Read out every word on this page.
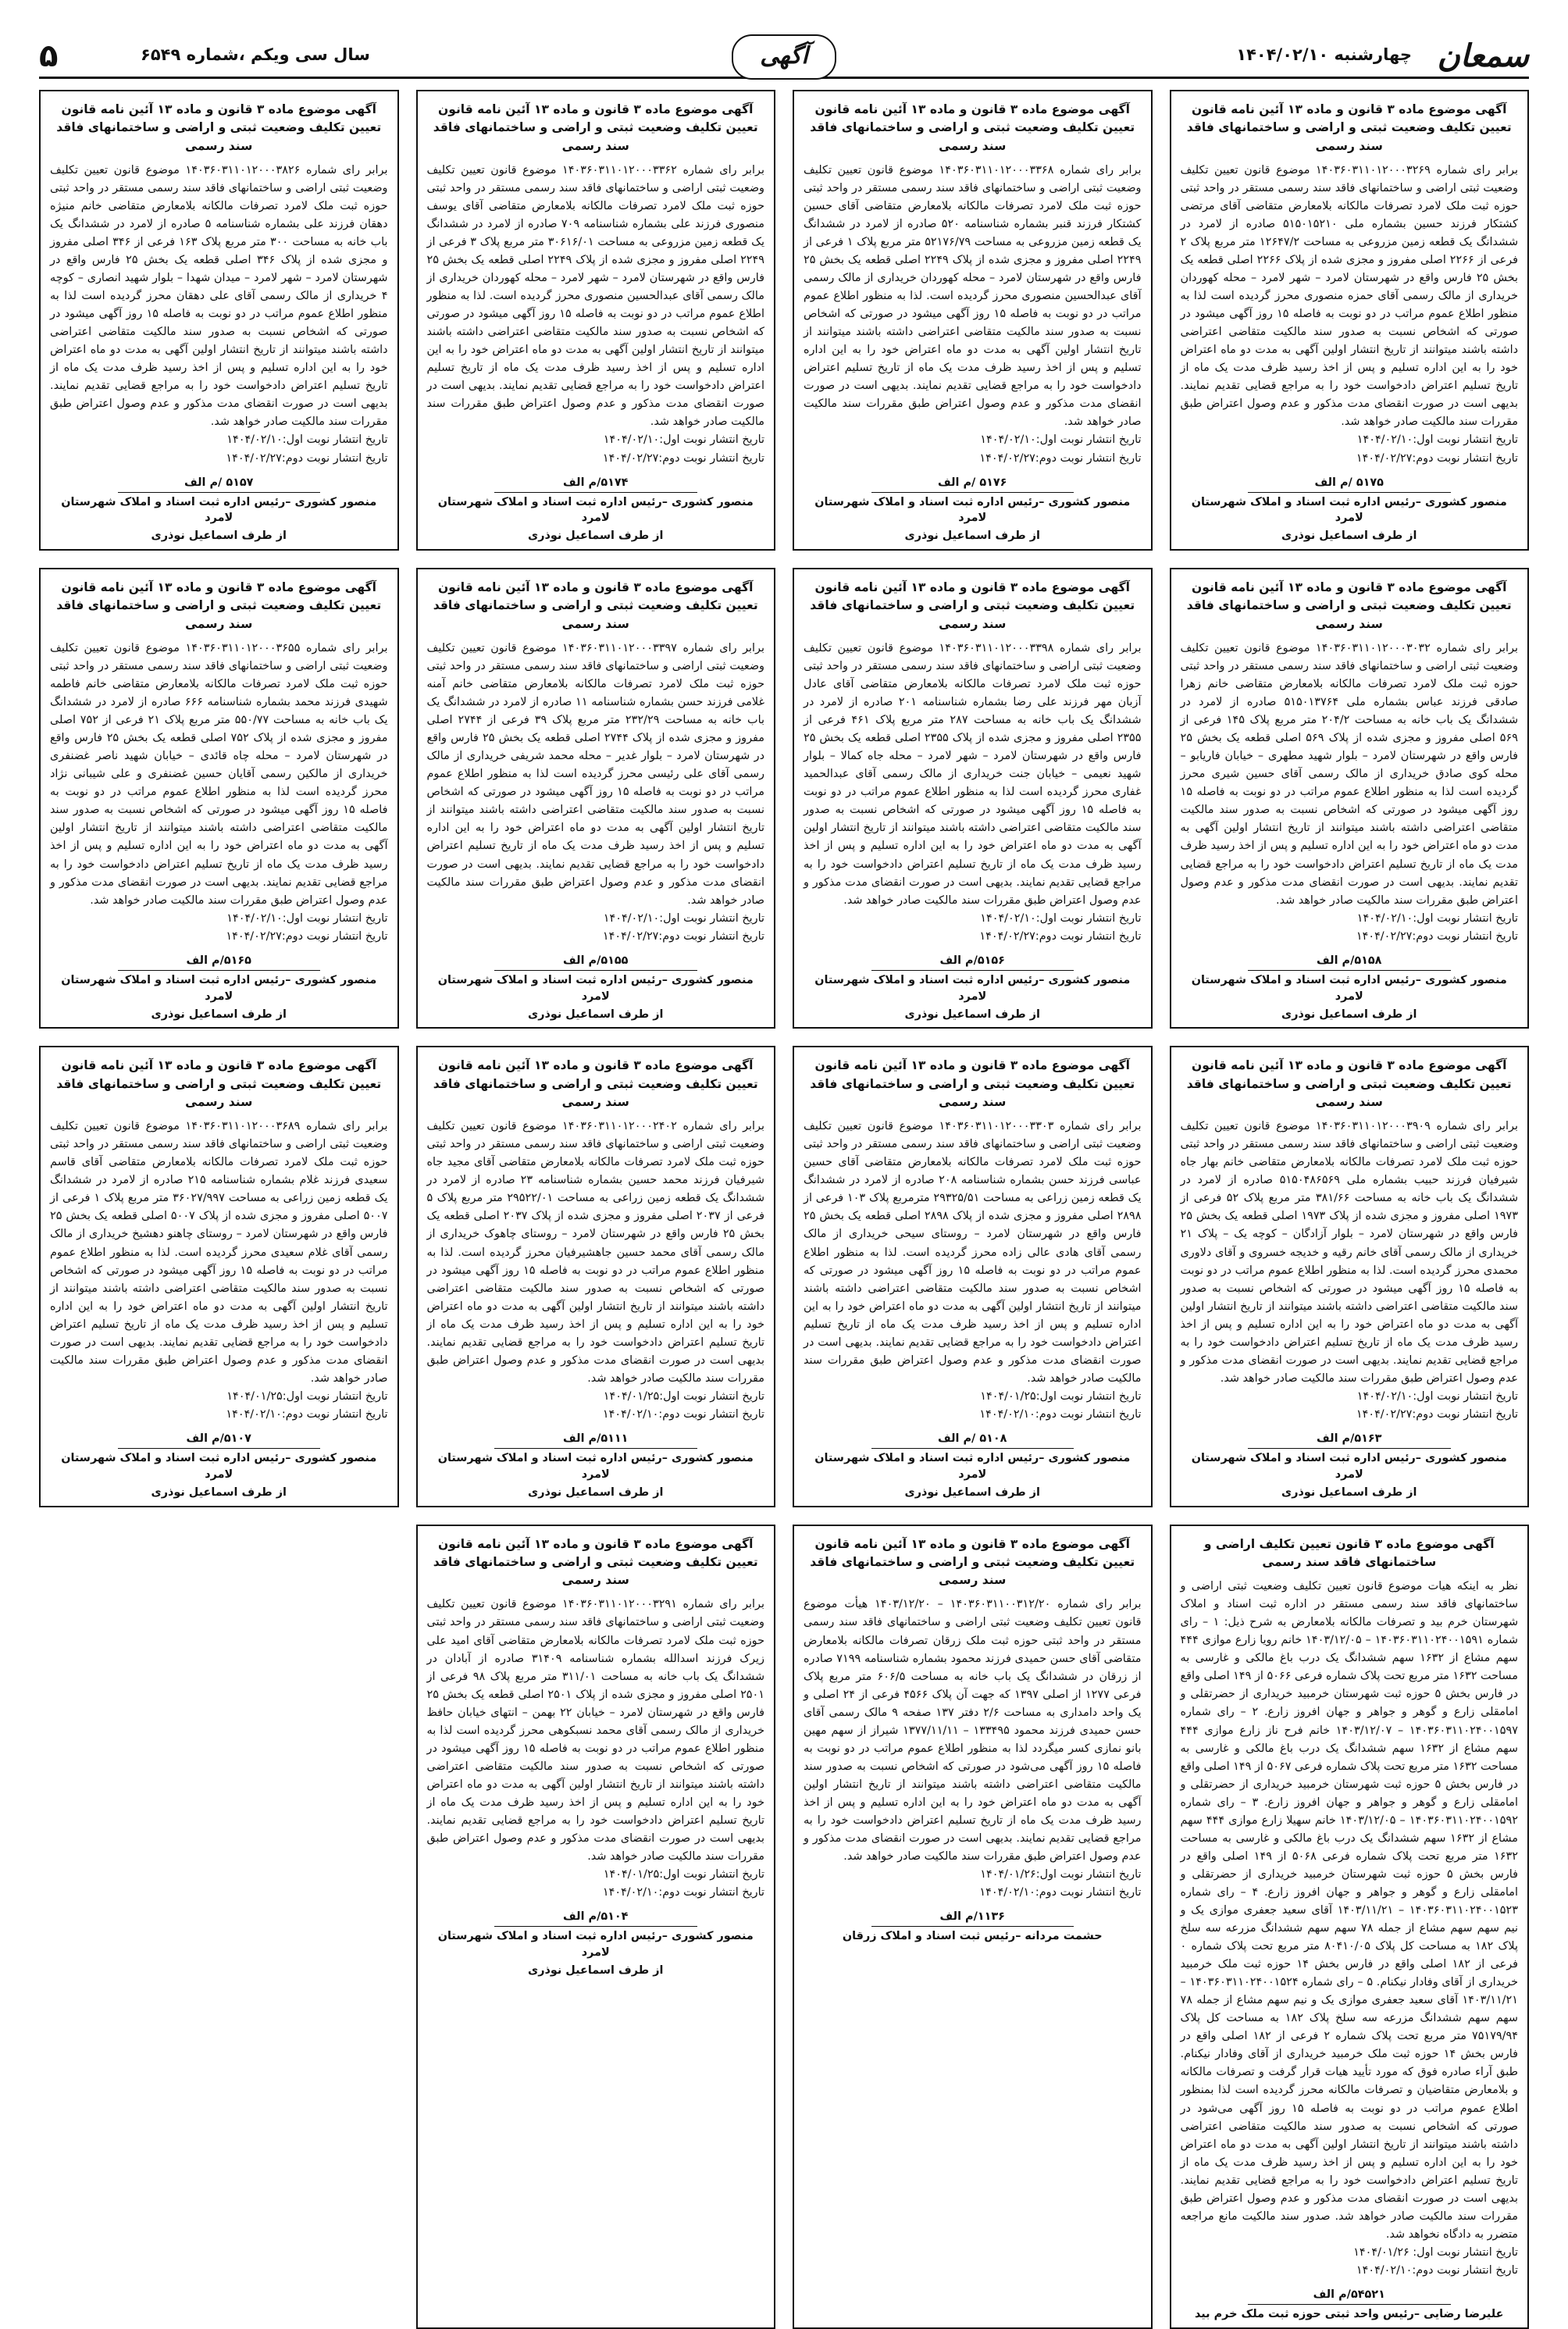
سمعان
چهارشنبه ۱۴۰۴/۰۲/۱۰
آگهی
سال سی ویکم ،شماره ۶۵۴۹
۵
آگهی موضوع ماده ۳ قانون و ماده ۱۳ آئین نامه قانون تعیین تکلیف وضعیت ثبتی و اراضی و ساختمانهای فاقد سند رسمی
برابر رای شماره ۱۴۰۳۶۰۳۱۱۰۱۲۰۰۰۳۲۶۹ موضوع قانون تعیین تکلیف وضعیت ثبتی اراضی و ساختمانهای فاقد سند رسمی مستقر در واحد ثبتی حوزه ثبت ملک لامرد تصرفات مالکانه بلامعارض متقاضی آقای مرتضی کشتکار فرزند حسین بشماره ملی ۵۱۵۰۱۵۲۱۰ صادره از لامرد در ششدانگ یک قطعه زمین مزروعی به مساحت ۱۲۶۴۷/۲ متر مربع پلاک ۲ فرعی از ۲۲۶۶ اصلی مفروز و مجزی شده از پلاک ۲۲۶۶ اصلی قطعه یک بخش ۲۵ فارس واقع در شهرستان لامرد – شهر لامرد – محله کهوردان خریداری از مالک رسمی آقای حمزه منصوری محرز گردیده است لذا به منظور اطلاع عموم مراتب در دو نوبت به فاصله ۱۵ روز آگهی میشود در صورتی که اشخاص نسبت به صدور سند مالکیت متقاضی اعتراضی داشته باشند میتوانند از تاریخ انتشار اولین آگهی به مدت دو ماه اعتراض خود را به این اداره تسلیم و پس از اخذ رسید ظرف مدت یک ماه از تاریخ تسلیم اعتراض دادخواست خود را به مراجع قضایی تقدیم نمایند. بدیهی است در صورت انقضای مدت مذکور و عدم وصول اعتراض طبق مقررات سند مالکیت صادر خواهد شد.
تاریخ انتشار نوبت اول:۱۴۰۴/۰۲/۱۰
تاریخ انتشار نوبت دوم:۱۴۰۴/۰۲/۲۷
۵۱۷۵ /م الف
منصور کشوری –رئیس اداره ثبت اسناد و املاک شهرستان لامرد
از طرف اسماعیل نوذری
آگهی موضوع ماده ۳ قانون و ماده ۱۳ آئین نامه قانون تعیین تکلیف وضعیت ثبتی و اراضی و ساختمانهای فاقد سند رسمی
برابر رای شماره ۱۴۰۳۶۰۳۱۱۰۱۲۰۰۰۳۳۶۸ موضوع قانون تعیین تکلیف وضعیت ثبتی اراضی و ساختمانهای فاقد سند رسمی مستقر در واحد ثبتی حوزه ثبت ملک لامرد تصرفات مالکانه بلامعارض متقاضی آقای حسین کشتکار فرزند قنبر بشماره شناسنامه ۵۲۰ صادره از لامرد در ششدانگ یک قطعه زمین مزروعی به مساحت ۵۲۱۷۶/۷۹ متر مربع پلاک ۱ فرعی از ۲۲۴۹ اصلی مفروز و مجزی شده از پلاک ۲۲۴۹ اصلی قطعه یک بخش ۲۵ فارس واقع در شهرستان لامرد – محله کهوردان خریداری از مالک رسمی آقای عبدالحسین منصوری محرز گردیده است. لذا به منظور اطلاع عموم مراتب در دو نوبت به فاصله ۱۵ روز آگهی میشود در صورتی که اشخاص نسبت به صدور سند مالکیت متقاضی اعتراضی داشته باشند میتوانند از تاریخ انتشار اولین آگهی به مدت دو ماه اعتراض خود را به این اداره تسلیم و پس از اخذ رسید ظرف مدت یک ماه از تاریخ تسلیم اعتراض دادخواست خود را به مراجع قضایی تقدیم نمایند. بدیهی است در صورت انقضای مدت مذکور و عدم وصول اعتراض طبق مقررات سند مالکیت صادر خواهد شد.
تاریخ انتشار نوبت اول:۱۴۰۴/۰۲/۱۰
تاریخ انتشار نوبت دوم:۱۴۰۴/۰۲/۲۷
۵۱۷۶ /م الف
منصور کشوری –رئیس اداره ثبت اسناد و املاک شهرستان لامرد
از طرف اسماعیل نوذری
آگهی موضوع ماده ۳ قانون و ماده ۱۳ آئین نامه قانون تعیین تکلیف وضعیت ثبتی و اراضی و ساختمانهای فاقد سند رسمی
برابر رای شماره ۱۴۰۳۶۰۳۱۱۰۱۲۰۰۰۳۳۶۲ موضوع قانون تعیین تکلیف وضعیت ثبتی اراضی و ساختمانهای فاقد سند رسمی مستقر در واحد ثبتی حوزه ثبت ملک لامرد تصرفات مالکانه بلامعارض متقاضی آقای یوسف منصوری فرزند علی بشماره شناسنامه ۷۰۹ صادره از لامرد در ششدانگ یک قطعه زمین مزروعی به مساحت ۳۰۶۱۶/۰۱ متر مربع پلاک ۳ فرعی از ۲۲۴۹ اصلی مفروز و مجزی شده از پلاک ۲۲۴۹ اصلی قطعه یک بخش ۲۵ فارس واقع در شهرستان لامرد – شهر لامرد – محله کهوردان خریداری از مالک رسمی آقای عبدالحسین منصوری محرز گردیده است. لذا به منظور اطلاع عموم مراتب در دو نوبت به فاصله ۱۵ روز آگهی میشود در صورتی که اشخاص نسبت به صدور سند مالکیت متقاضی اعتراضی داشته باشند میتوانند از تاریخ انتشار اولین آگهی به مدت دو ماه اعتراض خود را به این اداره تسلیم و پس از اخذ رسید ظرف مدت یک ماه از تاریخ تسلیم اعتراض دادخواست خود را به مراجع قضایی تقدیم نمایند. بدیهی است در صورت انقضای مدت مذکور و عدم وصول اعتراض طبق مقررات سند مالکیت صادر خواهد شد.
تاریخ انتشار نوبت اول:۱۴۰۴/۰۲/۱۰
تاریخ انتشار نوبت دوم:۱۴۰۴/۰۲/۲۷
۵۱۷۴/م الف
منصور کشوری –رئیس اداره ثبت اسناد و املاک شهرستان لامرد
از طرف اسماعیل نوذری
آگهی موضوع ماده ۳ قانون و ماده ۱۳ آئین نامه قانون تعیین تکلیف وضعیت ثبتی و اراضی و ساختمانهای فاقد سند رسمی
برابر رای شماره ۱۴۰۳۶۰۳۱۱۰۱۲۰۰۰۳۸۲۶ موضوع قانون تعیین تکلیف وضعیت ثبتی اراضی و ساختمانهای فاقد سند رسمی مستقر در واحد ثبتی حوزه ثبت ملک لامرد تصرفات مالکانه بلامعارض متقاضی خانم منیژه دهقان فرزند علی بشماره شناسنامه ۵ صادره از لامرد در ششدانگ یک باب خانه به مساحت ۳۰۰ متر مربع پلاک ۱۶۳ فرعی از ۳۴۶ اصلی مفروز و مجزی شده از پلاک ۳۴۶ اصلی قطعه یک بخش ۲۵ فارس واقع در شهرستان لامرد – شهر لامرد – میدان شهدا – بلوار شهید انصاری – کوچه ۴ خریداری از مالک رسمی آقای علی دهقان محرز گردیده است لذا به منظور اطلاع عموم مراتب در دو نوبت به فاصله ۱۵ روز آگهی میشود در صورتی که اشخاص نسبت به صدور سند مالکیت متقاضی اعتراضی داشته باشند میتوانند از تاریخ انتشار اولین آگهی به مدت دو ماه اعتراض خود را به این اداره تسلیم و پس از اخذ رسید ظرف مدت یک ماه از تاریخ تسلیم اعتراض دادخواست خود را به مراجع قضایی تقدیم نمایند. بدیهی است در صورت انقضای مدت مذکور و عدم وصول اعتراض طبق مقررات سند مالکیت صادر خواهد شد.
تاریخ انتشار نوبت اول:۱۴۰۴/۰۲/۱۰
تاریخ انتشار نوبت دوم:۱۴۰۴/۰۲/۲۷
۵۱۵۷ /م الف
منصور کشوری –رئیس اداره ثبت اسناد و املاک شهرستان لامرد
از طرف اسماعیل نوذری
آگهی موضوع ماده ۳ قانون و ماده ۱۳ آئین نامه قانون تعیین تکلیف وضعیت ثبتی و اراضی و ساختمانهای فاقد سند رسمی
برابر رای شماره ۱۴۰۳۶۰۳۱۱۰۱۲۰۰۰۳۰۳۲ موضوع قانون تعیین تکلیف وضعیت ثبتی اراضی و ساختمانهای فاقد سند رسمی مستقر در واحد ثبتی حوزه ثبت ملک لامرد تصرفات مالکانه بلامعارض متقاضی خانم زهرا صادقی فرزند عباس بشماره ملی ۵۱۵۰۱۳۷۶۴ صادره از لامرد در ششدانگ یک باب خانه به مساحت ۲۰۴/۲ متر مربع پلاک ۱۴۵ فرعی از ۵۶۹ اصلی مفروز و مجزی شده از پلاک ۵۶۹ اصلی قطعه یک بخش ۲۵ فارس واقع در شهرستان لامرد – بلوار شهید مطهری – خیابان فاریابو – محله کوی صادق خریداری از مالک رسمی آقای حسین شیری محرز گردیده است لذا به منظور اطلاع عموم مراتب در دو نوبت به فاصله ۱۵ روز آگهی میشود در صورتی که اشخاص نسبت به صدور سند مالکیت متقاضی اعتراضی داشته باشند میتوانند از تاریخ انتشار اولین آگهی به مدت دو ماه اعتراض خود را به این اداره تسلیم و پس از اخذ رسید ظرف مدت یک ماه از تاریخ تسلیم اعتراض دادخواست خود را به مراجع قضایی تقدیم نمایند. بدیهی است در صورت انقضای مدت مذکور و عدم وصول اعتراض طبق مقررات سند مالکیت صادر خواهد شد.
تاریخ انتشار نوبت اول:۱۴۰۴/۰۲/۱۰
تاریخ انتشار نوبت دوم:۱۴۰۴/۰۲/۲۷
۵۱۵۸/م الف
منصور کشوری –رئیس اداره ثبت اسناد و املاک شهرستان لامرد
از طرف اسماعیل نوذری
آگهی موضوع ماده ۳ قانون و ماده ۱۳ آئین نامه قانون تعیین تکلیف وضعیت ثبتی و اراضی و ساختمانهای فاقد سند رسمی
برابر رای شماره ۱۴۰۳۶۰۳۱۱۰۱۲۰۰۰۳۳۹۸ موضوع قانون تعیین تکلیف وضعیت ثبتی اراضی و ساختمانهای فاقد سند رسمی مستقر در واحد ثبتی حوزه ثبت ملک لامرد تصرفات مالکانه بلامعارض متقاضی آقای عادل آزبان مهر فرزند علی رضا بشماره شناسنامه ۲۰۱ صادره از لامرد در ششدانگ یک باب خانه به مساحت ۲۸۷ متر مربع پلاک ۴۶۱ فرعی از ۲۳۵۵ اصلی مفروز و مجزی شده از پلاک ۲۳۵۵ اصلی قطعه یک بخش ۲۵ فارس واقع در شهرستان لامرد – شهر لامرد – محله جاه کمالا – بلوار شهید نعیمی – خیابان جنت خریداری از مالک رسمی آقای عبدالحمید غفاری محرز گردیده است لذا به منظور اطلاع عموم مراتب در دو نوبت به فاصله ۱۵ روز آگهی میشود در صورتی که اشخاص نسبت به صدور سند مالکیت متقاضی اعتراضی داشته باشند میتوانند از تاریخ انتشار اولین آگهی به مدت دو ماه اعتراض خود را به این اداره تسلیم و پس از اخذ رسید ظرف مدت یک ماه از تاریخ تسلیم اعتراض دادخواست خود را به مراجع قضایی تقدیم نمایند. بدیهی است در صورت انقضای مدت مذکور و عدم وصول اعتراض طبق مقررات سند مالکیت صادر خواهد شد.
تاریخ انتشار نوبت اول:۱۴۰۴/۰۲/۱۰
تاریخ انتشار نوبت دوم:۱۴۰۴/۰۲/۲۷
۵۱۵۶/م الف
منصور کشوری –رئیس اداره ثبت اسناد و املاک شهرستان لامرد
از طرف اسماعیل نوذری
آگهی موضوع ماده ۳ قانون و ماده ۱۳ آئین نامه قانون تعیین تکلیف وضعیت ثبتی و اراضی و ساختمانهای فاقد سند رسمی
برابر رای شماره ۱۴۰۳۶۰۳۱۱۰۱۲۰۰۰۳۳۹۷ موضوع قانون تعیین تکلیف وضعیت ثبتی اراضی و ساختمانهای فاقد سند رسمی مستقر در واحد ثبتی حوزه ثبت ملک لامرد تصرفات مالکانه بلامعارض متقاضی خانم آمنه غلامی فرزند حسن بشماره شناسنامه ۱۱ صادره از لامرد در ششدانگ یک باب خانه به مساحت ۲۳۲/۲۹ متر مربع پلاک ۳۹ فرعی از ۲۷۴۴ اصلی مفروز و مجزی شده از پلاک ۲۷۴۴ اصلی قطعه یک بخش ۲۵ فارس واقع در شهرستان لامرد – بلوار غدیر – محله محمد شریفی خریداری از مالک رسمی آقای علی رئیسی محرز گردیده است لذا به منظور اطلاع عموم مراتب در دو نوبت به فاصله ۱۵ روز آگهی میشود در صورتی که اشخاص نسبت به صدور سند مالکیت متقاضی اعتراضی داشته باشند میتوانند از تاریخ انتشار اولین آگهی به مدت دو ماه اعتراض خود را به این اداره تسلیم و پس از اخذ رسید ظرف مدت یک ماه از تاریخ تسلیم اعتراض دادخواست خود را به مراجع قضایی تقدیم نمایند. بدیهی است در صورت انقضای مدت مذکور و عدم وصول اعتراض طبق مقررات سند مالکیت صادر خواهد شد.
تاریخ انتشار نوبت اول:۱۴۰۴/۰۲/۱۰
تاریخ انتشار نوبت دوم:۱۴۰۴/۰۲/۲۷
۵۱۵۵/م الف
منصور کشوری –رئیس اداره ثبت اسناد و املاک شهرستان لامرد
از طرف اسماعیل نوذری
آگهی موضوع ماده ۳ قانون و ماده ۱۳ آئین نامه قانون تعیین تکلیف وضعیت ثبتی و اراضی و ساختمانهای فاقد سند رسمی
برابر رای شماره ۱۴۰۳۶۰۳۱۱۰۱۲۰۰۰۳۶۵۵ موضوع قانون تعیین تکلیف وضعیت ثبتی اراضی و ساختمانهای فاقد سند رسمی مستقر در واحد ثبتی حوزه ثبت ملک لامرد تصرفات مالکانه بلامعارض متقاضی خانم فاطمه شهیدی فرزند محمد بشماره شناسنامه ۶۶۶ صادره از لامرد در ششدانگ یک باب خانه به مساحت ۵۵۰/۷۷ متر مربع پلاک ۲۱ فرعی از ۷۵۲ اصلی مفروز و مجزی شده از پلاک ۷۵۲ اصلی قطعه یک بخش ۲۵ فارس واقع در شهرستان لامرد – محله چاه قائدی – خیابان شهید ناصر غضنفری خریداری از مالکین رسمی آقایان حسین غضنفری و علی شیبانی نژاد محرز گردیده است لذا به منظور اطلاع عموم مراتب در دو نوبت به فاصله ۱۵ روز آگهی میشود در صورتی که اشخاص نسبت به صدور سند مالکیت متقاضی اعتراضی داشته باشند میتوانند از تاریخ انتشار اولین آگهی به مدت دو ماه اعتراض خود را به این اداره تسلیم و پس از اخذ رسید ظرف مدت یک ماه از تاریخ تسلیم اعتراض دادخواست خود را به مراجع قضایی تقدیم نمایند. بدیهی است در صورت انقضای مدت مذکور و عدم وصول اعتراض طبق مقررات سند مالکیت صادر خواهد شد.
تاریخ انتشار نوبت اول:۱۴۰۴/۰۲/۱۰
تاریخ انتشار نوبت دوم:۱۴۰۴/۰۲/۲۷
۵۱۶۵/م الف
منصور کشوری –رئیس اداره ثبت اسناد و املاک شهرستان لامرد
از طرف اسماعیل نوذری
آگهی موضوع ماده ۳ قانون و ماده ۱۳ آئین نامه قانون تعیین تکلیف وضعیت ثبتی و اراضی و ساختمانهای فاقد سند رسمی
برابر رای شماره ۱۴۰۳۶۰۳۱۱۰۱۲۰۰۰۳۹۰۹ موضوع قانون تعیین تکلیف وضعیت ثبتی اراضی و ساختمانهای فاقد سند رسمی مستقر در واحد ثبتی حوزه ثبت ملک لامرد تصرفات مالکانه بلامعارض متقاضی خانم بهار جاه شیرفیان فرزند حبیب بشماره ملی ۵۱۵۰۴۸۶۵۶۹ صادره از لامرد در ششدانگ یک باب خانه به مساحت ۳۸۱/۶۶ متر مربع پلاک ۵۲ فرعی از ۱۹۷۳ اصلی مفروز و مجزی شده از پلاک ۱۹۷۳ اصلی قطعه یک بخش ۲۵ فارس واقع در شهرستان لامرد – بلوار آزادگان – کوچه یک – پلاک ۲۱ خریداری از مالک رسمی آقای خانم رقیه و خدیجه خسروی و آقای دلاوری محمدی محرز گردیده است. لذا به منظور اطلاع عموم مراتب در دو نوبت به فاصله ۱۵ روز آگهی میشود در صورتی که اشخاص نسبت به صدور سند مالکیت متقاضی اعتراضی داشته باشند میتوانند از تاریخ انتشار اولین آگهی به مدت دو ماه اعتراض خود را به این اداره تسلیم و پس از اخذ رسید ظرف مدت یک ماه از تاریخ تسلیم اعتراض دادخواست خود را به مراجع قضایی تقدیم نمایند. بدیهی است در صورت انقضای مدت مذکور و عدم وصول اعتراض طبق مقررات سند مالکیت صادر خواهد شد.
تاریخ انتشار نوبت اول:۱۴۰۴/۰۲/۱۰
تاریخ انتشار نوبت دوم:۱۴۰۴/۰۲/۲۷
۵۱۶۳/م الف
منصور کشوری –رئیس اداره ثبت اسناد و املاک شهرستان لامرد
از طرف اسماعیل نوذری
آگهی موضوع ماده ۳ قانون و ماده ۱۳ آئین نامه قانون تعیین تکلیف وضعیت ثبتی و اراضی و ساختمانهای فاقد سند رسمی
برابر رای شماره ۱۴۰۳۶۰۳۱۱۰۱۲۰۰۰۳۳۰۳ موضوع قانون تعیین تکلیف وضعیت ثبتی اراضی و ساختمانهای فاقد سند رسمی مستقر در واحد ثبتی حوزه ثبت ملک لامرد تصرفات مالکانه بلامعارض متقاضی آقای حسین عباسی فرزند حسن بشماره شناسنامه ۲۰۸ صادره از لامرد در ششدانگ یک قطعه زمین زراعی به مساحت ۲۹۳۲۵/۵۱ مترمربع پلاک ۱۰۳ فرعی از ۲۸۹۸ اصلی مفروز و مجزی شده از پلاک ۲۸۹۸ اصلی قطعه یک بخش ۲۵ فارس واقع در شهرستان لامرد – روستای سیحی خریداری از مالک رسمی آقای هادی عالی زاده محرز گردیده است. لذا به منظور اطلاع عموم مراتب در دو نوبت به فاصله ۱۵ روز آگهی میشود در صورتی که اشخاص نسبت به صدور سند مالکیت متقاضی اعتراضی داشته باشند میتوانند از تاریخ انتشار اولین آگهی به مدت دو ماه اعتراض خود را به این اداره تسلیم و پس از اخذ رسید ظرف مدت یک ماه از تاریخ تسلیم اعتراض دادخواست خود را به مراجع قضایی تقدیم نمایند. بدیهی است در صورت انقضای مدت مذکور و عدم وصول اعتراض طبق مقررات سند مالکیت صادر خواهد شد.
تاریخ انتشار نوبت اول:۱۴۰۴/۰۱/۲۵
تاریخ انتشار نوبت دوم:۱۴۰۴/۰۲/۱۰
۵۱۰۸ /م الف
منصور کشوری –رئیس اداره ثبت اسناد و املاک شهرستان لامرد
از طرف اسماعیل نوذری
آگهی موضوع ماده ۳ قانون و ماده ۱۳ آئین نامه قانون تعیین تکلیف وضعیت ثبتی و اراضی و ساختمانهای فاقد سند رسمی
برابر رای شماره ۱۴۰۳۶۰۳۱۱۰۱۲۰۰۰۲۴۰۲ موضوع قانون تعیین تکلیف وضعیت ثبتی اراضی و ساختمانهای فاقد سند رسمی مستقر در واحد ثبتی حوزه ثبت ملک لامرد تصرفات مالکانه بلامعارض متقاضی آقای مجید جاه شیرفیان فرزند محمد حسین بشماره شناسنامه ۲۳ صادره از لامرد در ششدانگ یک قطعه زمین زراعی به مساحت ۲۹۵۲۲/۰۱ متر مربع پلاک ۵ فرعی از ۲۰۳۷ اصلی مفروز و مجزی شده از پلاک ۲۰۳۷ اصلی قطعه یک بخش ۲۵ فارس واقع در شهرستان لامرد – روستای چاهوک خریداری از مالک رسمی آقای محمد حسین جاهشیرفیان محرز گردیده است. لذا به منظور اطلاع عموم مراتب در دو نوبت به فاصله ۱۵ روز آگهی میشود در صورتی که اشخاص نسبت به صدور سند مالکیت متقاضی اعتراضی داشته باشند میتوانند از تاریخ انتشار اولین آگهی به مدت دو ماه اعتراض خود را به این اداره تسلیم و پس از اخذ رسید ظرف مدت یک ماه از تاریخ تسلیم اعتراض دادخواست خود را به مراجع قضایی تقدیم نمایند. بدیهی است در صورت انقضای مدت مذکور و عدم وصول اعتراض طبق مقررات سند مالکیت صادر خواهد شد.
تاریخ انتشار نوبت اول:۱۴۰۴/۰۱/۲۵
تاریخ انتشار نوبت دوم:۱۴۰۴/۰۲/۱۰
۵۱۱۱/م الف
منصور کشوری –رئیس اداره ثبت اسناد و املاک شهرستان لامرد
از طرف اسماعیل نوذری
آگهی موضوع ماده ۳ قانون و ماده ۱۳ آئین نامه قانون تعیین تکلیف وضعیت ثبتی و اراضی و ساختمانهای فاقد سند رسمی
برابر رای شماره ۱۴۰۳۶۰۳۱۱۰۱۲۰۰۰۳۶۸۹ موضوع قانون تعیین تکلیف وضعیت ثبتی اراضی و ساختمانهای فاقد سند رسمی مستقر در واحد ثبتی حوزه ثبت ملک لامرد تصرفات مالکانه بلامعارض متقاضی آقای قاسم سعیدی فرزند غلام بشماره شناسنامه ۲۱۵ صادره از لامرد در ششدانگ یک قطعه زمین زراعی به مساحت ۳۶۰۲۷/۹۹۷ متر مربع پلاک ۱ فرعی از ۵۰۰۷ اصلی مفروز و مجزی شده از پلاک ۵۰۰۷ اصلی قطعه یک بخش ۲۵ فارس واقع در شهرستان لامرد – روستای چاهنو دهشیخ خریداری از مالک رسمی آقای غلام سعیدی محرز گردیده است. لذا به منظور اطلاع عموم مراتب در دو نوبت به فاصله ۱۵ روز آگهی میشود در صورتی که اشخاص نسبت به صدور سند مالکیت متقاضی اعتراضی داشته باشند میتوانند از تاریخ انتشار اولین آگهی به مدت دو ماه اعتراض خود را به این اداره تسلیم و پس از اخذ رسید ظرف مدت یک ماه از تاریخ تسلیم اعتراض دادخواست خود را به مراجع قضایی تقدیم نمایند. بدیهی است در صورت انقضای مدت مذکور و عدم وصول اعتراض طبق مقررات سند مالکیت صادر خواهد شد.
تاریخ انتشار نوبت اول:۱۴۰۴/۰۱/۲۵
تاریخ انتشار نوبت دوم:۱۴۰۴/۰۲/۱۰
۵۱۰۷/م الف
منصور کشوری –رئیس اداره ثبت اسناد و املاک شهرستان لامرد
از طرف اسماعیل نوذری
آگهی موضوع ماده ۳ قانون تعیین تکلیف اراضی و ساختمانهای فاقد سند رسمی
نظر به اینکه هیات موضوع قانون تعیین تکلیف وضعیت ثبتی اراضی و ساختمانهای فاقد سند رسمی مستقر در اداره ثبت اسناد و املاک شهرستان خرم بید و تصرفات مالکانه بلامعارض به شرح ذیل: ۱ – رای شماره ۱۴۰۳۶۰۳۱۱۰۲۴۰۰۱۵۹۱ – ۱۴۰۳/۱۲/۰۵ خانم رویا زارع موازی ۴۴۴ سهم مشاع از ۱۶۳۲ سهم ششدانگ یک درب باغ مالکی و غارسی به مساحت ۱۶۳۲ متر مربع تحت پلاک شماره فرعی ۵۰۶۶ از ۱۴۹ اصلی واقع در فارس بخش ۵ حوزه ثبت شهرستان خرمبید خریداری از حضرتقلی و امامقلی زارع و گوهر و جواهر و جهان افروز زارع. ۲ – رای شماره ۱۴۰۳۶۰۳۱۱۰۲۴۰۰۱۵۹۷ – ۱۴۰۳/۱۲/۰۷ خانم فرح ناز زارع موازی ۴۴۴ سهم مشاع از ۱۶۳۲ سهم ششدانگ یک درب باغ مالکی و غارسی به مساحت ۱۶۳۲ متر مربع تحت پلاک شماره فرعی ۵۰۶۷ از ۱۴۹ اصلی واقع در فارس بخش ۵ حوزه ثبت شهرستان خرمبید خریداری از حضرتقلی و امامقلی زارع و گوهر و جواهر و جهان افروز زارع. ۳ – رای شماره ۱۴۰۳۶۰۳۱۱۰۲۴۰۰۱۵۹۲ – ۱۴۰۳/۱۲/۰۵ خانم سهیلا زارع موازی ۴۴۴ سهم مشاع از ۱۶۳۲ سهم ششدانگ یک درب باغ مالکی و غارسی به مساحت ۱۶۳۲ متر مربع تحت پلاک شماره فرعی ۵۰۶۸ از ۱۴۹ اصلی واقع در فارس بخش ۵ حوزه ثبت شهرستان خرمبید خریداری از حضرتقلی و امامقلی زارع و گوهر و جواهر و جهان افروز زارع. ۴ – رای شماره ۱۴۰۳۶۰۳۱۱۰۲۴۰۰۱۵۲۳ – ۱۴۰۳/۱۱/۲۱ آقای سعید جعفری موازی یک و نیم سهم سهم مشاع از جمله ۷۸ سهم سهم ششدانگ مزرعه سه سلخ پلاک ۱۸۲ به مساحت کل پلاک ۸۰۴۱۰/۰۵ متر مربع تحت پلاک شماره ۰ فرعی از ۱۸۲ اصلی واقع در فارس بخش ۱۴ حوزه ثبت ملک خرمبید خریداری از آقای وفادار نیکنام. ۵ – رای شماره ۱۴۰۳۶۰۳۱۱۰۲۴۰۰۱۵۲۴ – ۱۴۰۳/۱۱/۲۱ آقای سعید جعفری موازی یک و نیم سهم مشاع از جمله ۷۸ سهم سهم ششدانگ مزرعه سه سلخ پلاک ۱۸۲ به مساحت کل پلاک ۷۵۱۷۹/۹۴ متر مربع تحت پلاک شماره ۲ فرعی از ۱۸۲ اصلی واقع در فارس بخش ۱۴ حوزه ثبت ملک خرمبید خریداری از آقای وفادار نیکنام. طبق آراء صادره فوق که مورد تأیید هیات قرار گرفت و تصرفات مالکانه و بلامعارض متقاضیان و تصرفات مالکانه محرز گردیده است لذا بمنظور اطلاع عموم مراتب در دو نوبت به فاصله ۱۵ روز آگهی می‌شود در صورتی که اشخاص نسبت به صدور سند مالکیت متقاضی اعتراضی داشته باشند میتوانند از تاریخ انتشار اولین آگهی به مدت دو ماه اعتراض خود را به این اداره تسلیم و پس از اخذ رسید ظرف مدت یک ماه از تاریخ تسلیم اعتراض دادخواست خود را به مراجع قضایی تقدیم نمایند. بدیهی است در صورت انقضای مدت مذکور و عدم وصول اعتراض طبق مقررات سند مالکیت صادر خواهد شد. صدور سند مالکیت مانع مراجعه متضرر به دادگاه نخواهد شد.
تاریخ انتشار نوبت اول: ۱۴۰۴/۰۱/۲۶
تاریخ انتشار نوبت دوم:۱۴۰۴/۰۲/۱۰
۵۴۵۲۱/م الف
علیرضا رضایی –رئیس واحد ثبتی حوزه ثبت ملک خرم بید
آگهی موضوع ماده ۳ قانون و ماده ۱۳ آئین نامه قانون تعیین تکلیف وضعیت ثبتی و اراضی و ساختمانهای فاقد سند رسمی
برابر رای شماره ۱۴۰۳۶۰۳۱۱۰۰۳۱۲/۲۰ – ۱۴۰۳/۱۲/۲۰ هیأت موضوع قانون تعیین تکلیف وضعیت ثبتی اراضی و ساختمانهای فاقد سند رسمی مستقر در واحد ثبتی حوزه ثبت ملک زرقان تصرفات مالکانه بلامعارض متقاضی آقای حسن حمیدی فرزند محمود بشماره شناسنامه ۷۱۹۹ صادره از زرقان در ششدانگ یک باب خانه به مساحت ۶۰۶/۵ متر مربع پلاک فرعی ۱۲۷۷ از اصلی ۱۳۹۷ که جهت آن پلاک ۴۵۶۶ فرعی از ۲۴ اصلی و یک واحد دامداری به مساحت ۲/۶ دفتر ۱۳۷ صفحه ۹ مالک رسمی آقای حسن حمیدی فرزند محمود ۱۳۳۴۹۵ – ۱۳۷۷/۱۱/۱۱ شیراز از سهم مهین بانو نمازی کسر میگردد لذا به منظور اطلاع عموم مراتب در دو نوبت به فاصله ۱۵ روز آگهی می‌شود در صورتی که اشخاص نسبت به صدور سند مالکیت متقاضی اعتراضی داشته باشند میتوانند از تاریخ انتشار اولین آگهی به مدت دو ماه اعتراض خود را به این اداره تسلیم و پس از اخذ رسید ظرف مدت یک ماه از تاریخ تسلیم اعتراض دادخواست خود را به مراجع قضایی تقدیم نمایند. بدیهی است در صورت انقضای مدت مذکور و عدم وصول اعتراض طبق مقررات سند مالکیت صادر خواهد شد.
تاریخ انتشار نوبت اول:۱۴۰۴/۰۱/۲۶
تاریخ انتشار نوبت دوم:۱۴۰۴/۰۲/۱۰
۱۱۳۶/م الف
حشمت مردانه –رئیس ثبت اسناد و املاک زرقان
آگهی موضوع ماده ۳ قانون و ماده ۱۳ آئین نامه قانون تعیین تکلیف وضعیت ثبتی و اراضی و ساختمانهای فاقد سند رسمی
برابر رای شماره ۱۴۰۳۶۰۳۱۱۰۱۲۰۰۰۳۲۹۱ موضوع قانون تعیین تکلیف وضعیت ثبتی اراضی و ساختمانهای فاقد سند رسمی مستقر در واحد ثبتی حوزه ثبت ملک لامرد تصرفات مالکانه بلامعارض متقاضی آقای امید علی زیرک فرزند اسدالله بشماره شناسنامه ۳۱۴۰۹ صادره از آبادان در ششدانگ یک باب خانه به مساحت ۳۱۱/۰۱ متر مربع پلاک ۹۸ فرعی از ۲۵۰۱ اصلی مفروز و مجزی شده از پلاک ۲۵۰۱ اصلی قطعه یک بخش ۲۵ فارس واقع در شهرستان لامرد – خیابان ۲۲ بهمن – انتهای خیابان حافظ خریداری از مالک رسمی آقای محمد نسبکوهی محرز گردیده است لذا به منظور اطلاع عموم مراتب در دو نوبت به فاصله ۱۵ روز آگهی میشود در صورتی که اشخاص نسبت به صدور سند مالکیت متقاضی اعتراضی داشته باشند میتوانند از تاریخ انتشار اولین آگهی به مدت دو ماه اعتراض خود را به این اداره تسلیم و پس از اخذ رسید ظرف مدت یک ماه از تاریخ تسلیم اعتراض دادخواست خود را به مراجع قضایی تقدیم نمایند. بدیهی است در صورت انقضای مدت مذکور و عدم وصول اعتراض طبق مقررات سند مالکیت صادر خواهد شد.
تاریخ انتشار نوبت اول:۱۴۰۴/۰۱/۲۵
تاریخ انتشار نوبت دوم:۱۴۰۴/۰۲/۱۰
۵۱۰۴/م الف
منصور کشوری –رئیس اداره ثبت اسناد و املاک شهرستان لامرد
از طرف اسماعیل نوذری
